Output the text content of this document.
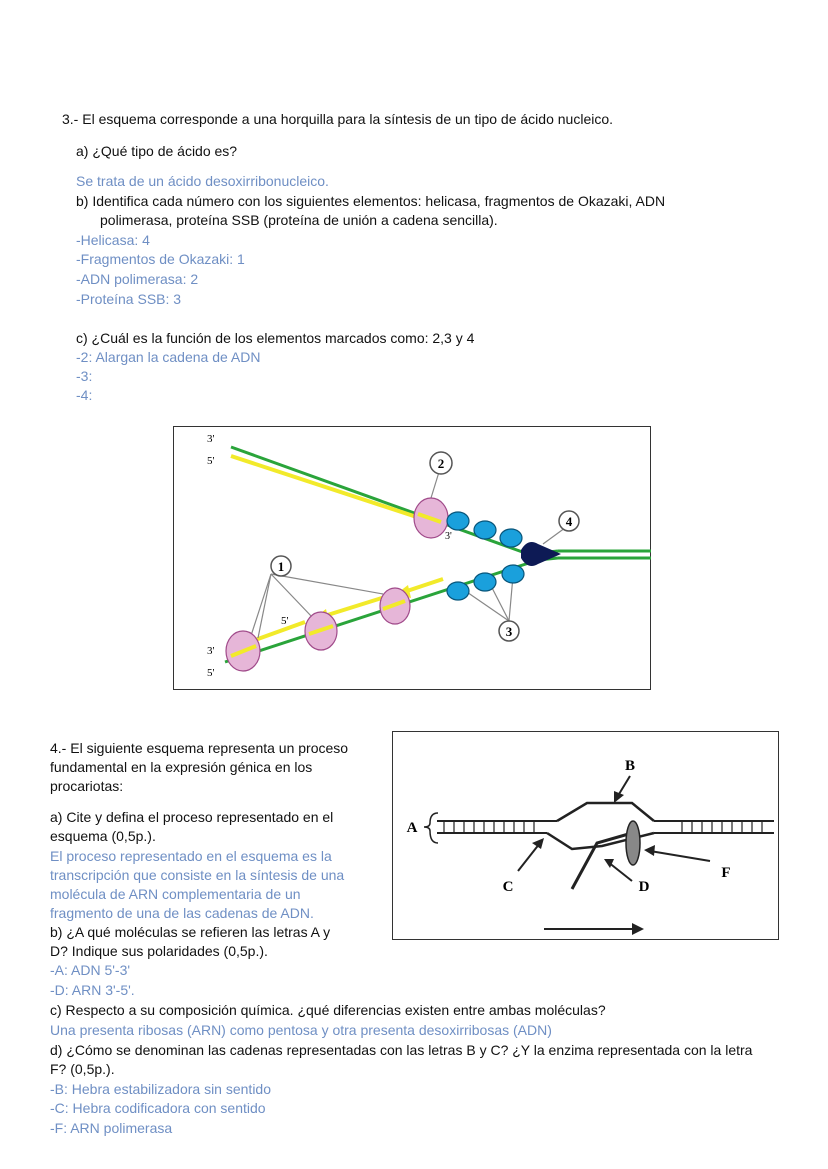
3.- El esquema corresponde a una horquilla para la síntesis de un tipo de ácido nucleico.
a) ¿Qué tipo de ácido es?
Se trata de un ácido desoxirribonucleico.
b) Identifica cada número con los siguientes elementos: helicasa, fragmentos de Okazaki, ADN
polimerasa, proteína SSB (proteína de unión a cadena sencilla).
-Helicasa: 4
-Fragmentos de Okazaki: 1
-ADN polimerasa: 2
-Proteína SSB: 3
c) ¿Cuál es la función de los elementos marcados como: 2,3 y 4
-2: Alargan la cadena de ADN
-3:
-4:
3'
5'
3'
5'
3'
5'
1
2
3
4
4.- El siguiente esquema representa un proceso
fundamental en la expresión génica en los
procariotas:
a) Cite y defina el proceso representado en el
esquema (0,5p.).
El proceso representado en el esquema es la
transcripción que consiste en la síntesis de una
molécula de ARN complementaria de un
fragmento de una de las cadenas de ADN.
b) ¿A qué moléculas se refieren las letras A y
D? Indique sus polaridades (0,5p.).
-A: ADN 5'-3'
-D: ARN 3'-5'.
c) Respecto a su composición química. ¿qué diferencias existen entre ambas moléculas?
Una presenta ribosas (ARN) como pentosa y otra presenta desoxirribosas (ADN)
d) ¿Cómo se denominan las cadenas representadas con las letras B y C? ¿Y la enzima representada con la letra
F? (0,5p.).
-B: Hebra estabilizadora sin sentido
-C: Hebra codificadora con sentido
-F: ARN polimerasa
B
A
C	D
F
